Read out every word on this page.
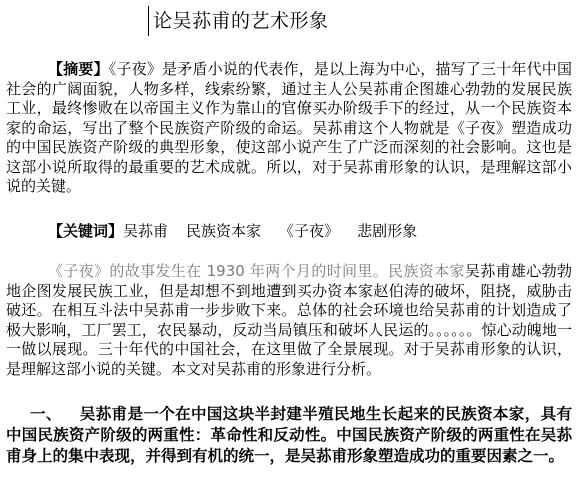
论吴荪甫的艺术形象

【摘要】《子夜》是矛盾小说的代表作，是以上海为中心，描写了三十年代中国社会的广阔面貌，人物多样，线索纷繁，通过主人公吴荪甫企图雄心勃勃的发展民族工业，最终惨败在以帝国主义作为靠山的官僚买办阶级手下的经过，从一个民族资本家的命运，写出了整个民族资产阶级的命运。吴荪甫这个人物就是《子夜》塑造成功的中国民族资产阶级的典型形象，使这部小说产生了广泛而深刻的社会影响。这也是这部小说所取得的最重要的艺术成就。所以，对于吴荪甫形象的认识，是理解这部小说的关键。

【关键词】吴荪甫 民族资本家 《子夜》 悲剧形象

《子夜》的故事发生在 1930 年两个月的时间里。民族资本家吴荪甫雄心勃勃地企图发展民族工业，但是却想不到地遭到买办资本家赵伯涛的破坏，阻挠，威胁击破还。在相互斗法中吴荪甫一步步败下来。总体的社会环境也给吴荪甫的计划造成了极大影响，工厂罢工，农民暴动，反动当局镇压和破坏人民运的。。。。。。惊心动魄地一一做以展现。三十年代的中国社会，在这里做了全景展现。对于吴荪甫形象的认识，是理解这部小说的关键。本文对吴荪甫的形象进行分析。

一、 吴荪甫是一个在中国这块半封建半殖民地生长起来的民族资本家，具有中国民族资产阶级的两重性：革命性和反动性。中国民族资产阶级的两重性在吴荪甫身上的集中表现，并得到有机的统一，是吴荪甫形象塑造成功的重要因素之一。
